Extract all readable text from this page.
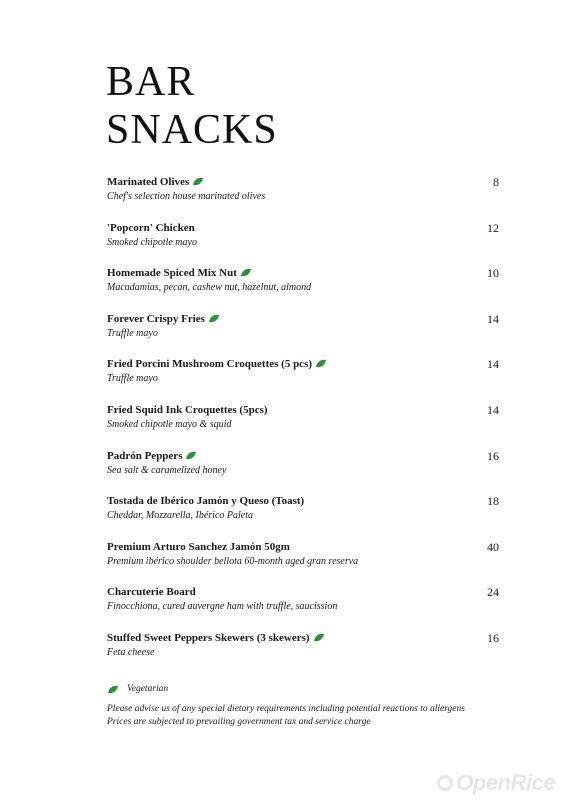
BAR
SNACKS
Marinated Olives
Chef's selection house marinated olives
8
'Popcorn' Chicken
Smoked chipotle mayo
12
Homemade Spiced Mix Nut
Macadamias, pecan, cashew nut, hazelnut, almond
10
Forever Crispy Fries
Truffle mayo
14
Fried Porcini Mushroom Croquettes (5 pcs)
Truffle mayo
14
Fried Squid Ink Croquettes (5pcs)
Smoked chipotle mayo & squid
14
Padrón Peppers
Sea salt & caramelized honey
16
Tostada de Ibérico Jamón y Queso (Toast)
Cheddar, Mozzarella, Ibérico Paleta
18
Premium Arturo Sanchez Jamón 50gm
Premium ibérico shoulder bellota 60-month aged gran reserva
40
Charcuterie Board
Finocchiona, cured auvergne ham with truffle, saucission
24
Stuffed Sweet Peppers Skewers (3 skewers)
Feta cheese
16
Vegetarian
Please advise us of any special dietary requirements including potential reactions to allergens
Prices are subjected to prevailing government tax and service charge
OpenRice
